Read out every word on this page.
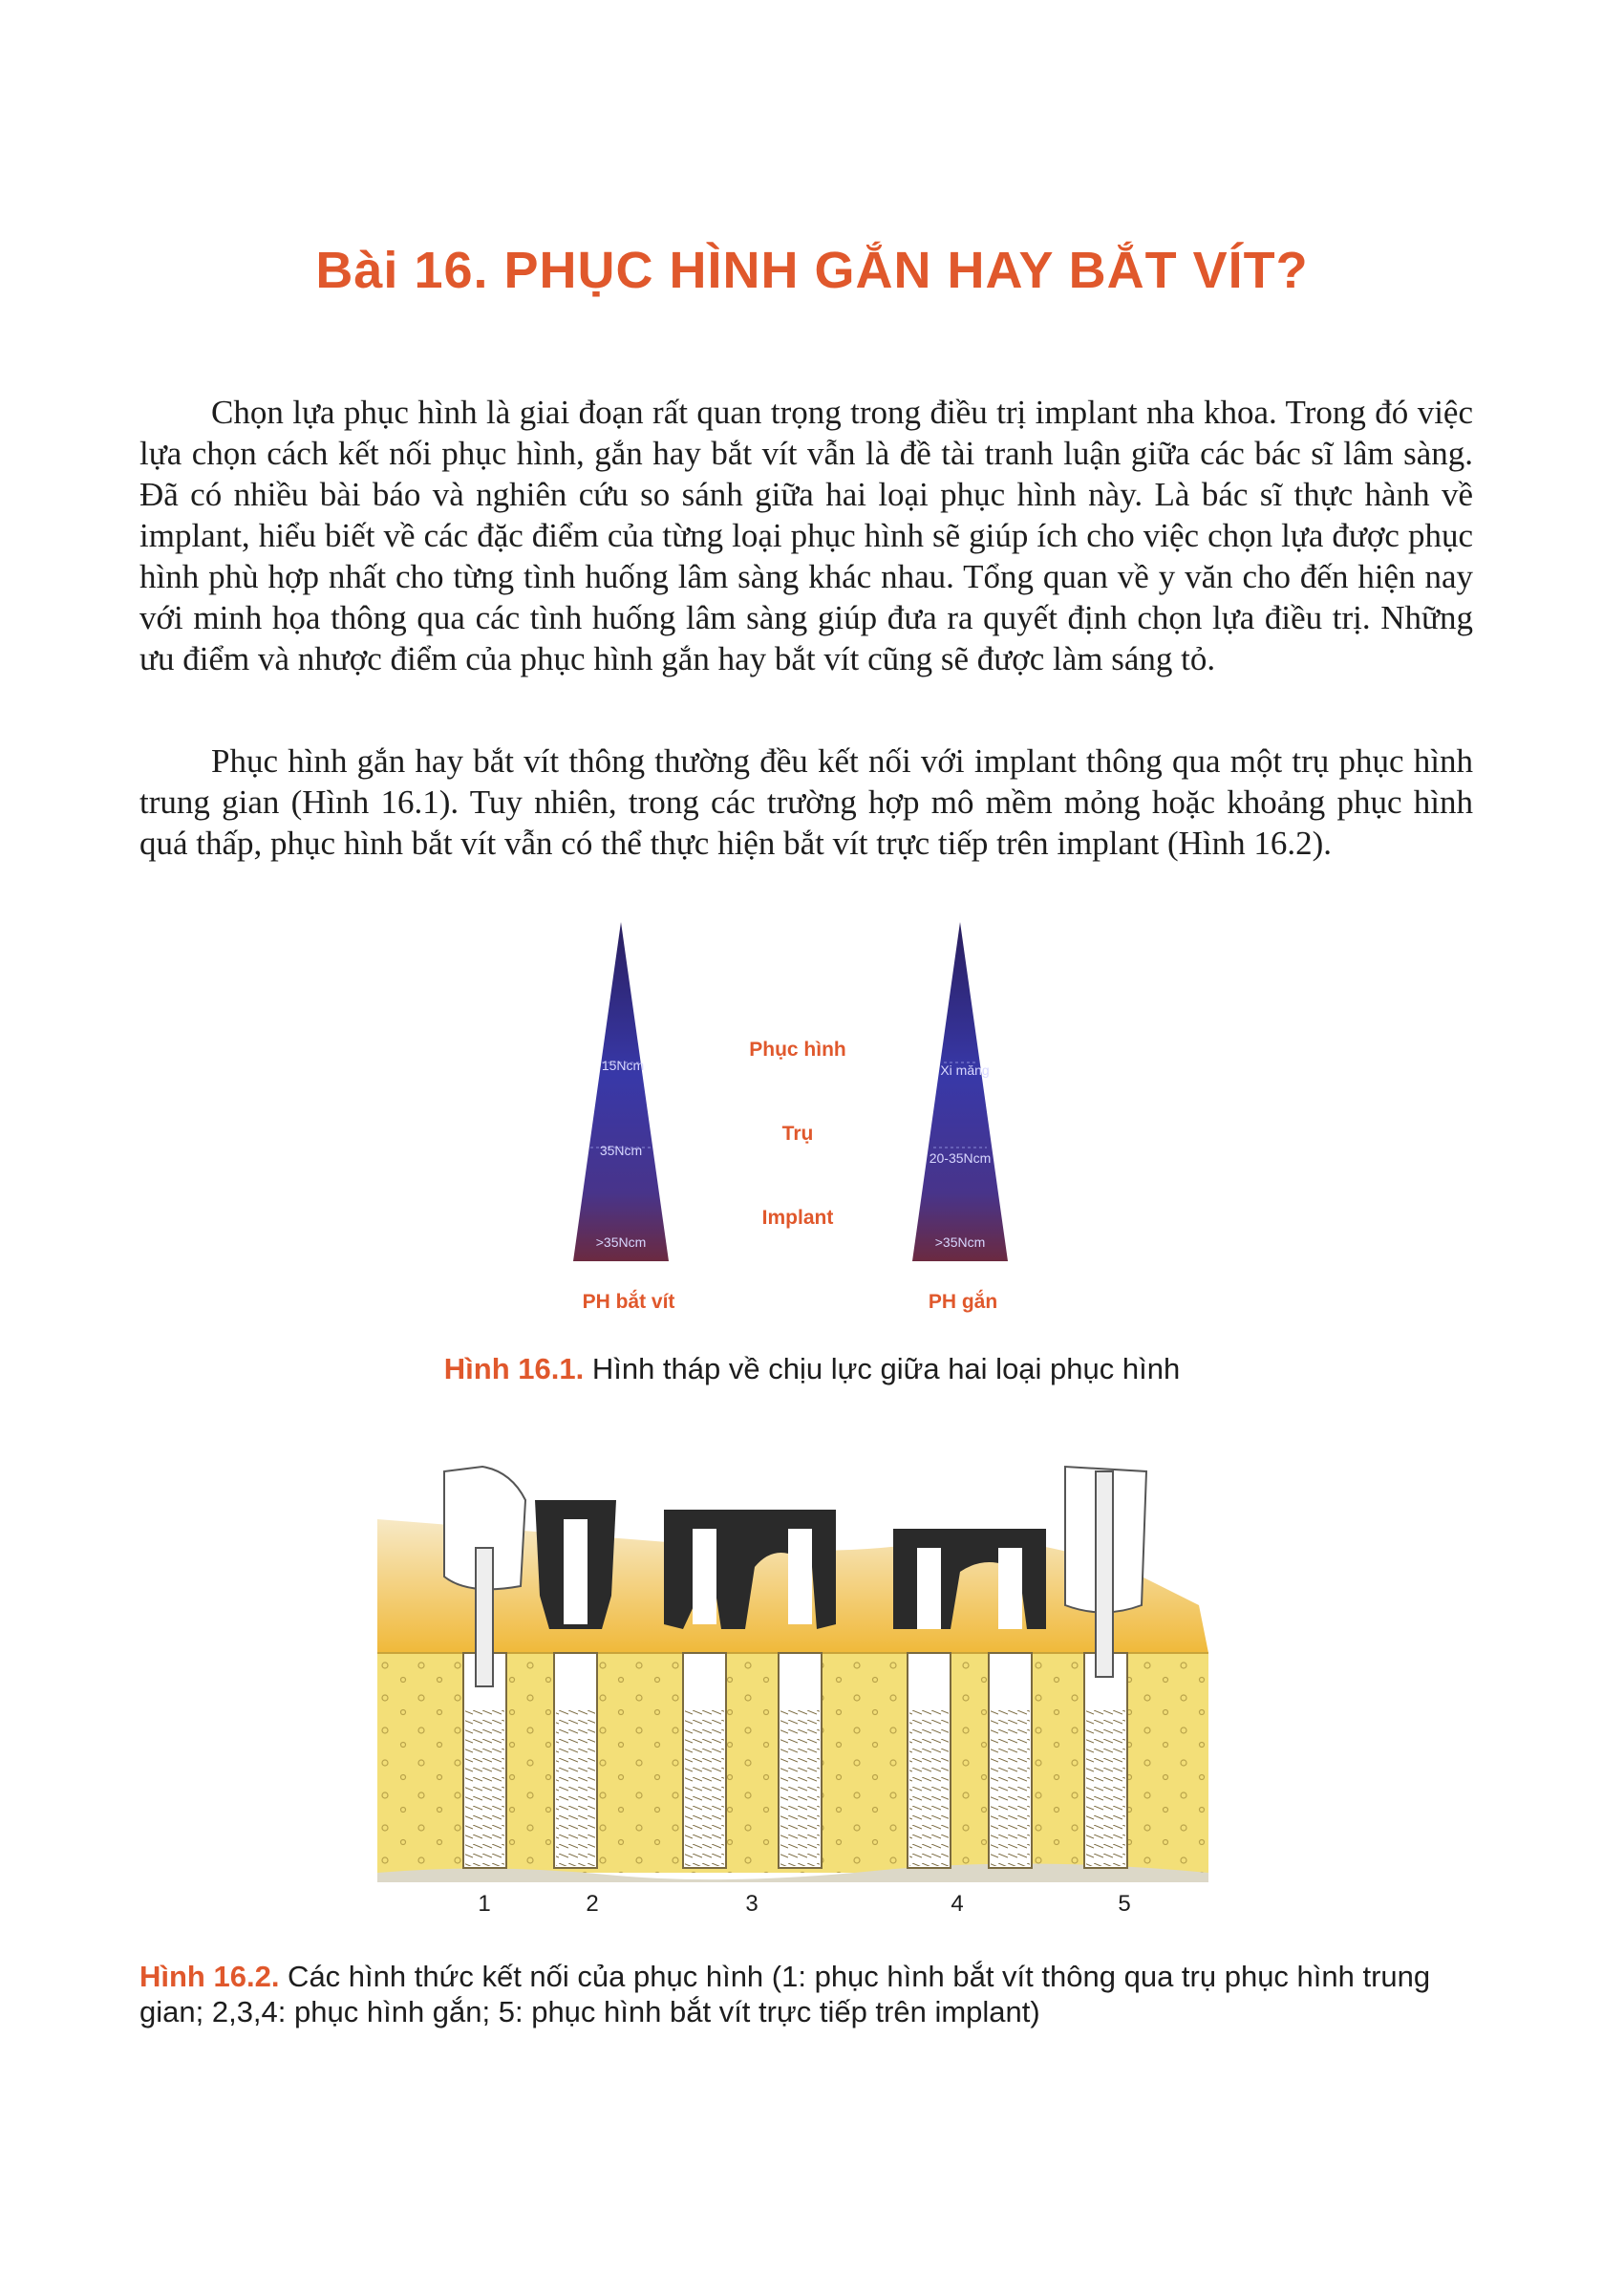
Bài 16. PHỤC HÌNH GẮN HAY BẮT VÍT?

Chọn lựa phục hình là giai đoạn rất quan trọng trong điều trị implant nha khoa. Trong đó việc lựa chọn cách kết nối phục hình, gắn hay bắt vít vẫn là đề tài tranh luận giữa các bác sĩ lâm sàng. Đã có nhiều bài báo và nghiên cứu so sánh giữa hai loại phục hình này. Là bác sĩ thực hành về implant, hiểu biết về các đặc điểm của từng loại phục hình sẽ giúp ích cho việc chọn lựa được phục hình phù hợp nhất cho từng tình huống lâm sàng khác nhau. Tổng quan về y văn cho đến hiện nay với minh họa thông qua các tình huống lâm sàng giúp đưa ra quyết định chọn lựa điều trị. Những ưu điểm và nhược điểm của phục hình gắn hay bắt vít cũng sẽ được làm sáng tỏ.

Phục hình gắn hay bắt vít thông thường đều kết nối với implant thông qua một trụ phục hình trung gian (Hình 16.1). Tuy nhiên, trong các trường hợp mô mềm mỏng hoặc khoảng phục hình quá thấp, phục hình bắt vít vẫn có thể thực hiện bắt vít trực tiếp trên implant (Hình 16.2).

15Ncm
35Ncm
>35Ncm
Xi măng
20-35Ncm
>35Ncm
Phục hình
Trụ
Implant
PH bắt vít	PH gắn

Hình 16.1. Hình tháp về chịu lực giữa hai loại phục hình

1	2	3	4	5

Hình 16.2. Các hình thức kết nối của phục hình (1: phục hình bắt vít thông qua trụ phục hình trung gian; 2,3,4: phục hình gắn; 5: phục hình bắt vít trực tiếp trên implant)
